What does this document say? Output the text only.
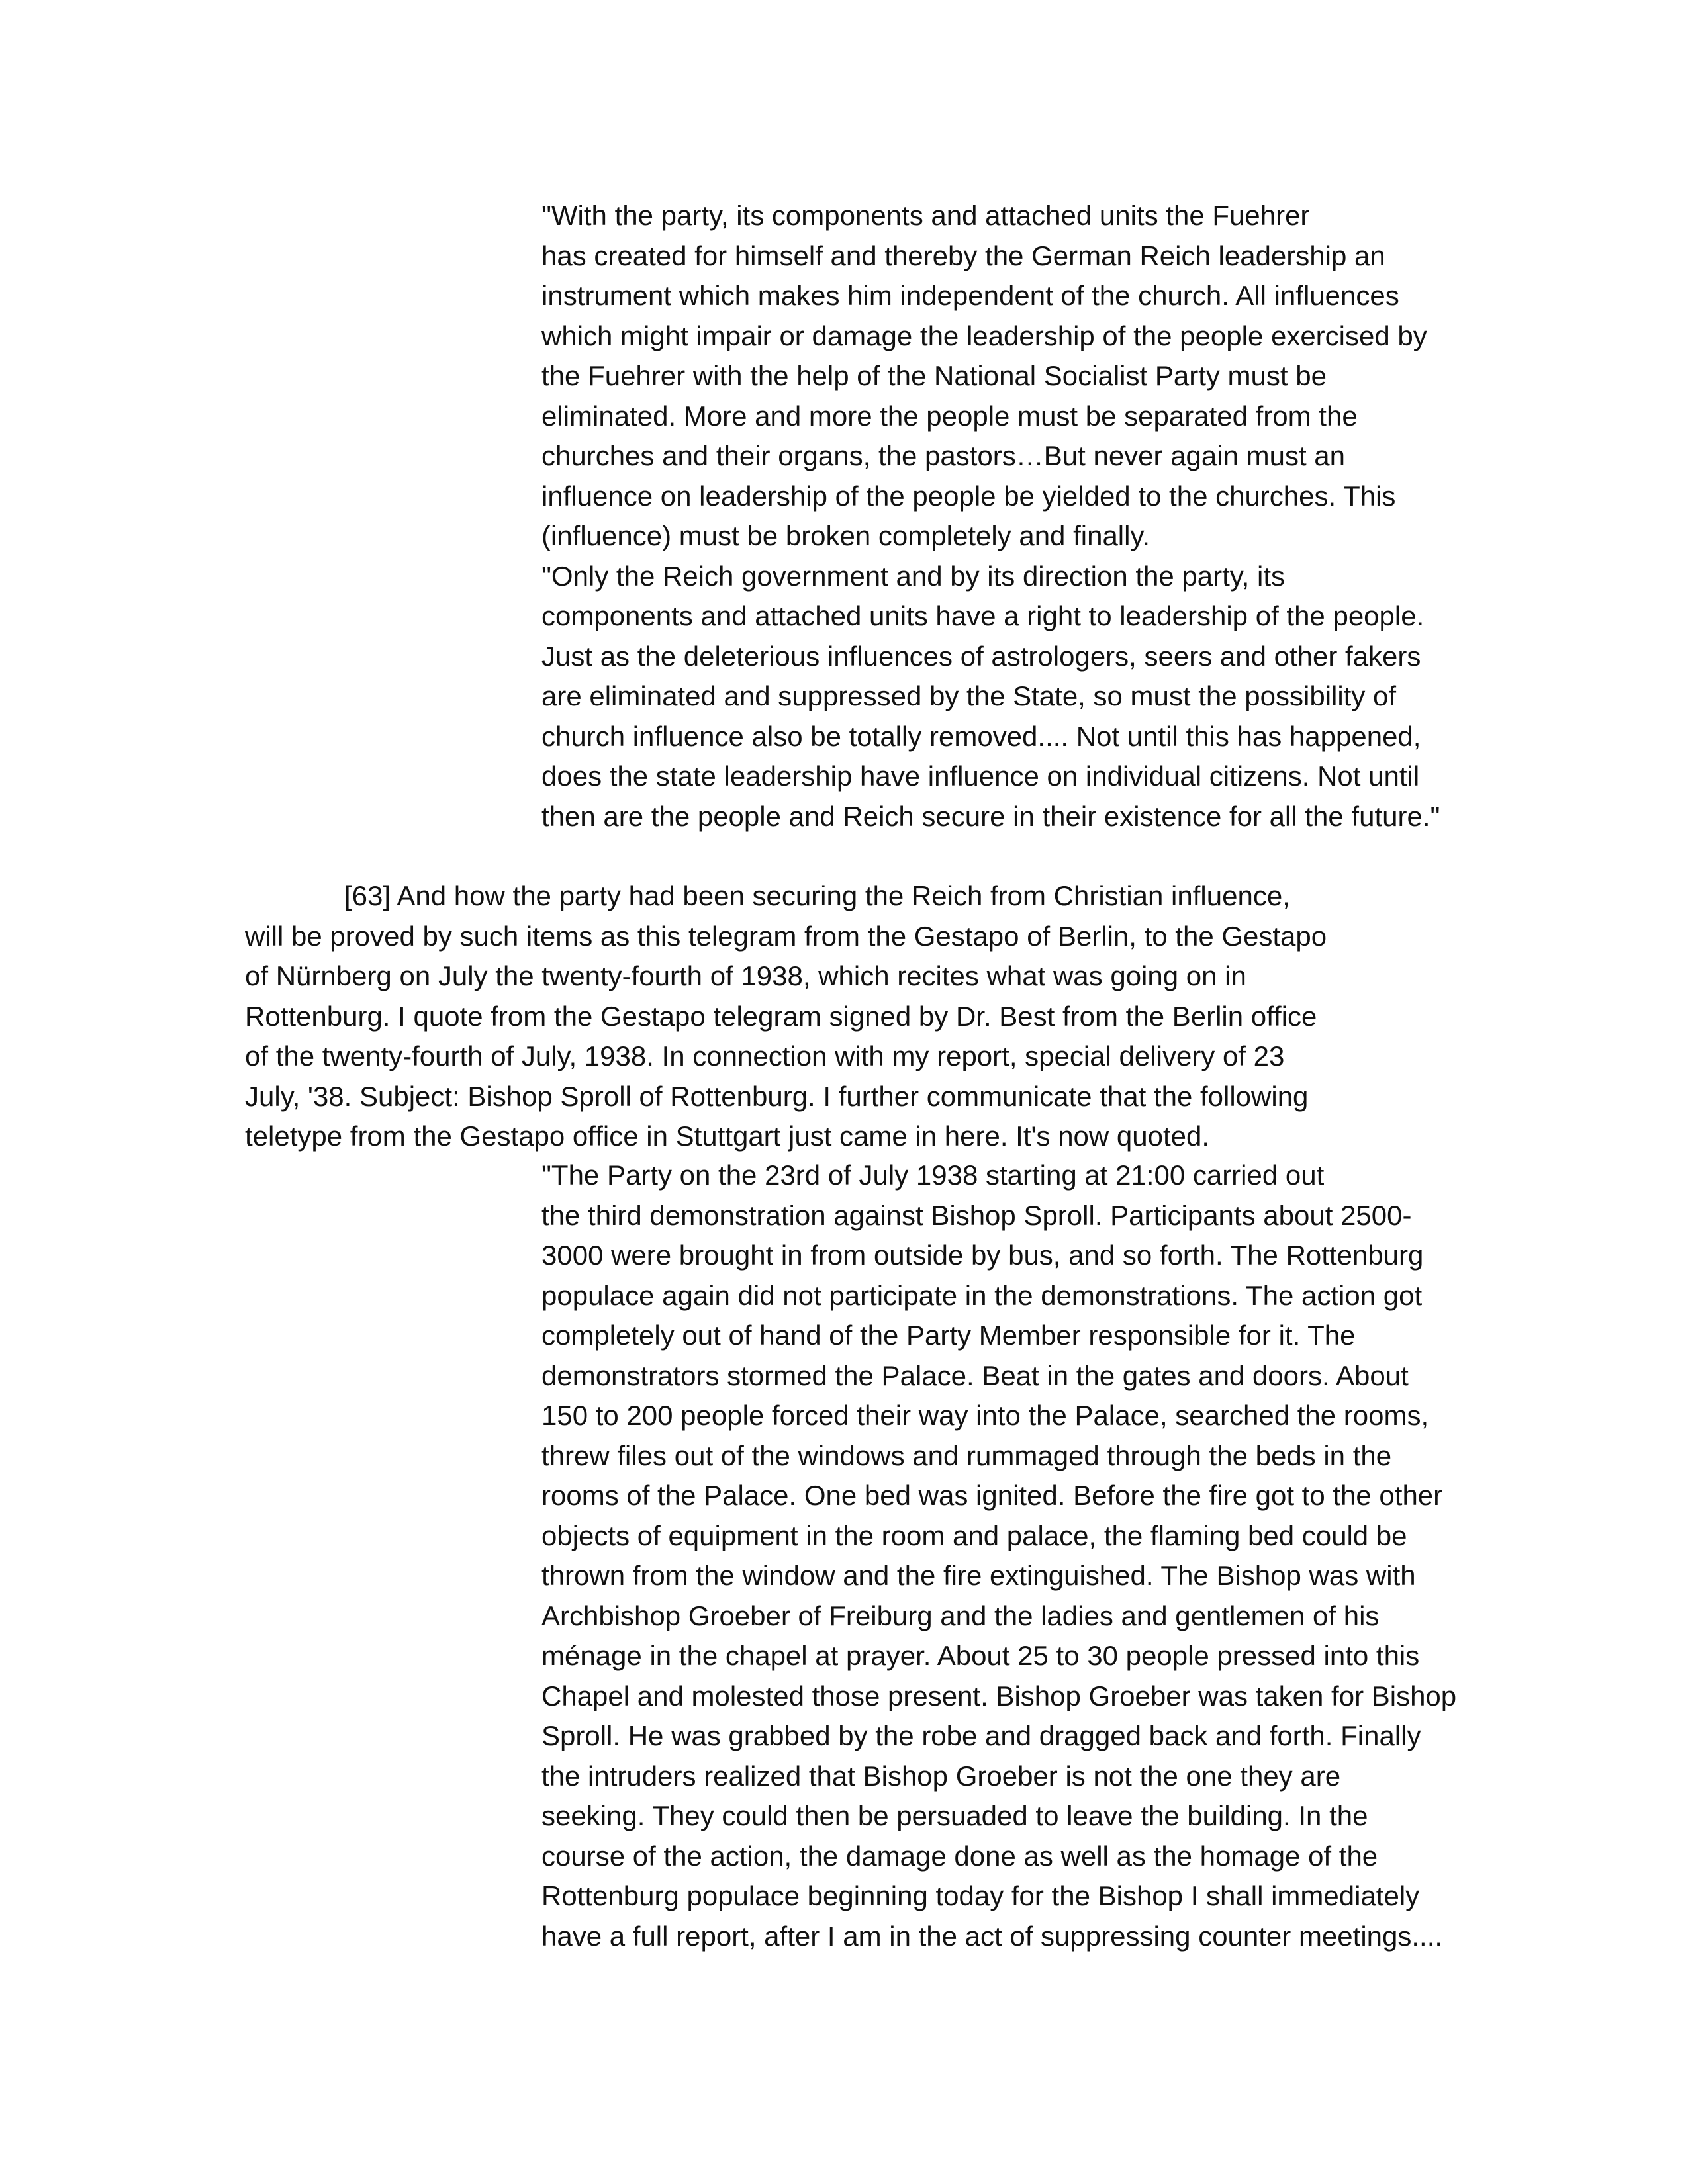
"With the party, its components and attached units the Fuehrer
has created for himself and thereby the German Reich leadership an
instrument which makes him independent of the church. All influences
which might impair or damage the leadership of the people exercised by
the Fuehrer with the help of the National Socialist Party must be
eliminated. More and more the people must be separated from the
churches and their organs, the pastors…But never again must an
influence on leadership of the people be yielded to the churches. This
(influence) must be broken completely and finally.

"Only the Reich government and by its direction the party, its
components and attached units have a right to leadership of the people.
Just as the deleterious influences of astrologers, seers and other fakers
are eliminated and suppressed by the State, so must the possibility of
church influence also be totally removed.... Not until this has happened,
does the state leadership have influence on individual citizens. Not until
then are the people and Reich secure in their existence for all the future."

[63] And how the party had been securing the Reich from Christian influence,
will be proved by such items as this telegram from the Gestapo of Berlin, to the Gestapo
of Nürnberg on July the twenty-fourth of 1938, which recites what was going on in
Rottenburg. I quote from the Gestapo telegram signed by Dr. Best from the Berlin office
of the twenty-fourth of July, 1938. In connection with my report, special delivery of 23
July, '38. Subject: Bishop Sproll of Rottenburg. I further communicate that the following
teletype from the Gestapo office in Stuttgart just came in here. It's now quoted.

"The Party on the 23rd of July 1938 starting at 21:00 carried out
the third demonstration against Bishop Sproll. Participants about 2500-
3000 were brought in from outside by bus, and so forth. The Rottenburg
populace again did not participate in the demonstrations. The action got
completely out of hand of the Party Member responsible for it. The
demonstrators stormed the Palace. Beat in the gates and doors. About
150 to 200 people forced their way into the Palace, searched the rooms,
threw files out of the windows and rummaged through the beds in the
rooms of the Palace. One bed was ignited. Before the fire got to the other
objects of equipment in the room and palace, the flaming bed could be
thrown from the window and the fire extinguished. The Bishop was with
Archbishop Groeber of Freiburg and the ladies and gentlemen of his
ménage in the chapel at prayer. About 25 to 30 people pressed into this
Chapel and molested those present. Bishop Groeber was taken for Bishop
Sproll. He was grabbed by the robe and dragged back and forth. Finally
the intruders realized that Bishop Groeber is not the one they are
seeking. They could then be persuaded to leave the building. In the
course of the action, the damage done as well as the homage of the
Rottenburg populace beginning today for the Bishop I shall immediately
have a full report, after I am in the act of suppressing counter meetings....
